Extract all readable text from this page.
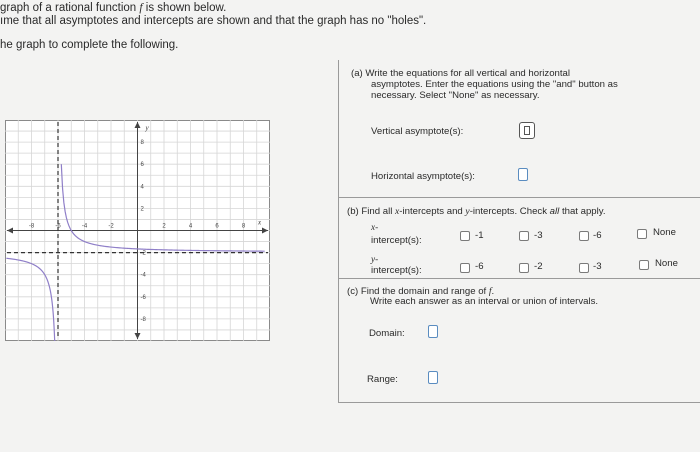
graph of a rational function f is shown below.
ıme that all asymptotes and intercepts are shown and that the graph has no "holes".
he graph to complete the following.
-8	-6	-4	-2	2	4	6	8
8
6
4
2
-2
-4
-6
-8
x
y
(a) Write the equations for all vertical and horizontal
asymptotes. Enter the equations using the "and" button as
necessary. Select "None" as necessary.
Vertical asymptote(s):
Horizontal asymptote(s):
(b) Find all x-intercepts and y-intercepts. Check all that apply.
x-
intercept(s):	-1	-3	-6	None
y-
intercept(s):	-6	-2	-3	None
(c) Find the domain and range of f.
Write each answer as an interval or union of intervals.
Domain:
Range:
